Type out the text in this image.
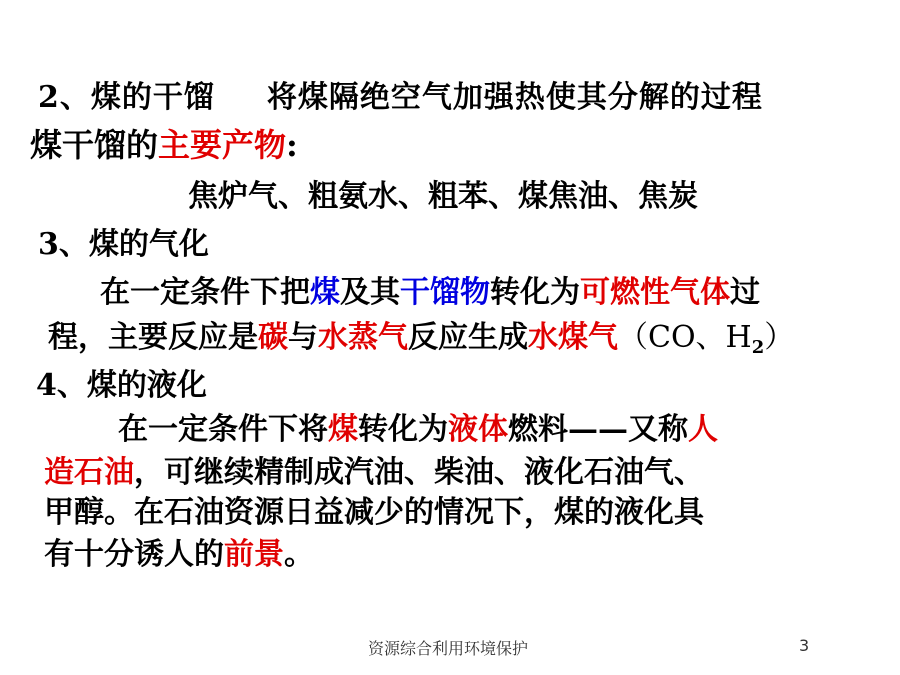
2、煤的干馏 将煤隔绝空气加强热使其分解的过程
煤干馏的主要产物:
焦炉气、粗氨水、粗苯、煤焦油、焦炭
3、煤的气化
在一定条件下把煤及其干馏物转化为可燃性气体过
程，主要反应是碳与水蒸气反应生成水煤气（CO、$H_2$）
4、煤的液化
在一定条件下将煤转化为液体燃料——又称人
造石油，可继续精制成汽油、柴油、液化石油气、
甲醇。在石油资源日益减少的情况下，煤的液化具
有十分诱人的前景。
资源综合利用环境保护	3
